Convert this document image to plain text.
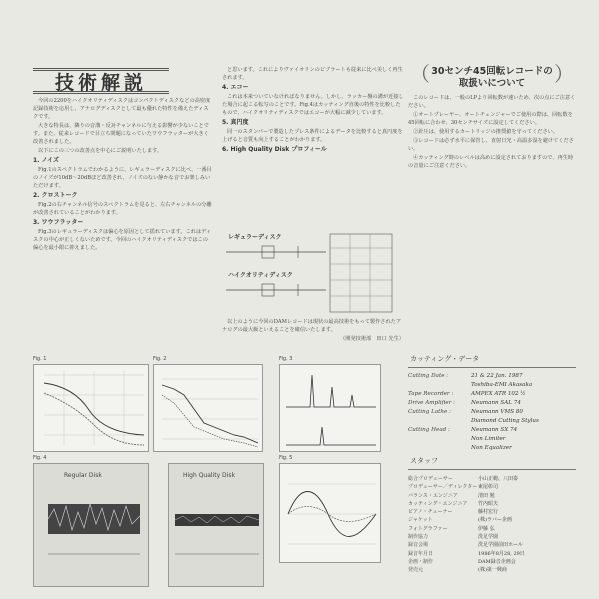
技術解説

今回の2200をハイクオリティディスクはコンパクトディスクなどの高密度記録技術を応用し、アナログディスクとして最も優れた特性を備えたディスクです。

大きな特長は、隣りの音溝・反対チャンネルに与える影響が少ないことです。また、従来レコードで目立ち問題になっていたワウフラッターが大きく改善されました。

以下にこの三つの改善点を中心にご説明いたします。

1. ノイズ

Fig.1のスペクトラムでわかるように、レギュラーディスクに比べ、一番目のノイズが10dB〜20dBほど改善され、ノイズのない静かな音でお楽しみいただけます。

2. クロストーク

Fig.2の右チャンネル信号のスペクトラムを見ると、左右チャンネルの分離が改善されていることがわかります。

3. ワウフラッター

Fig.3のレギュラーディスクは偏心を原因として揺れています。これはディスクの中心が正しくないためです。今回のハイクオリティディスクではこの偏心を最小限に抑えました。

と思います。これによりヴァイオリンのビブラートも従来に比べ美しく再生されます。

4. エコー

これは本来ついていなければなりません。しかし、ラッカー盤の溝が近接した場合に起こる転写のことです。Fig.4はカッティング直後の特性を比較したもので、ハイクオリティディスクではエコーが大幅に減少しています。

5. 真円度

同一のスタンパーで製造したプレス条件によるデータを比較すると真円度を上げると音質も向上することがわかります。

6. High Quality Disk プロフィール
レギュラーディスク
ハイクオリティディスク

以上のように今回のDAMレコードは現状の最高技術をもって製作されたアナログの最大級といえることを確信いたします。

（開発技術部　田口 先生）

（ 30センチ45回転レコードの
取扱いについて	）

このレコードは、一般のLPより回転数が速いため、次の点にご注意ください。

①オートプレーヤー、オートチェンジャーでご使用の際は、回転数を45回転に合わせ、30センチサイズに設定してください。

②針圧は、使用するカートリッジの推奨値を守ってください。

③レコードは必ず水平に保管し、直射日光・高温多湿を避けてください。

④カッティング時のレベルは高めに設定されておりますので、再生時の音量にご注意ください。

カッティング・データ
Cutting Date :	21 & 22 Jan. 1987
Toshiba-EMI Akasaka
Tape Recorder :	AMPEX ATR 102 ½
Drive Amplifier :	Neumann SAL 74
Cutting Lathe :	Neumann VMS 80
Diamond Cutting Stylus
Cutting Head :	Neumann SX 74
Non Limiter
Non Equalizer
スタッフ
総合プロデューサー	小山正範、八田泰
プロデューサー／ディレクター 東尾彰司
バランス・エンジニア	清田 勉
カッティング・エンジニア	竹内昭夫
ピアノ・チューナー	藤村宏行
ジャケット	(株)ラバー企画
フォトグラファー	伊藤 弘
制作協力	洗足学園
録音会場	洗足学園前田ホール
録音年月日	1986年8月28, 29日
企画・制作	DAM録音企画会
発売元	(株)第一興商
Fig. 1	Fig. 2	Fig. 3
Fig. 4
Regular Disk	High Quality Disk
Fig. 5
